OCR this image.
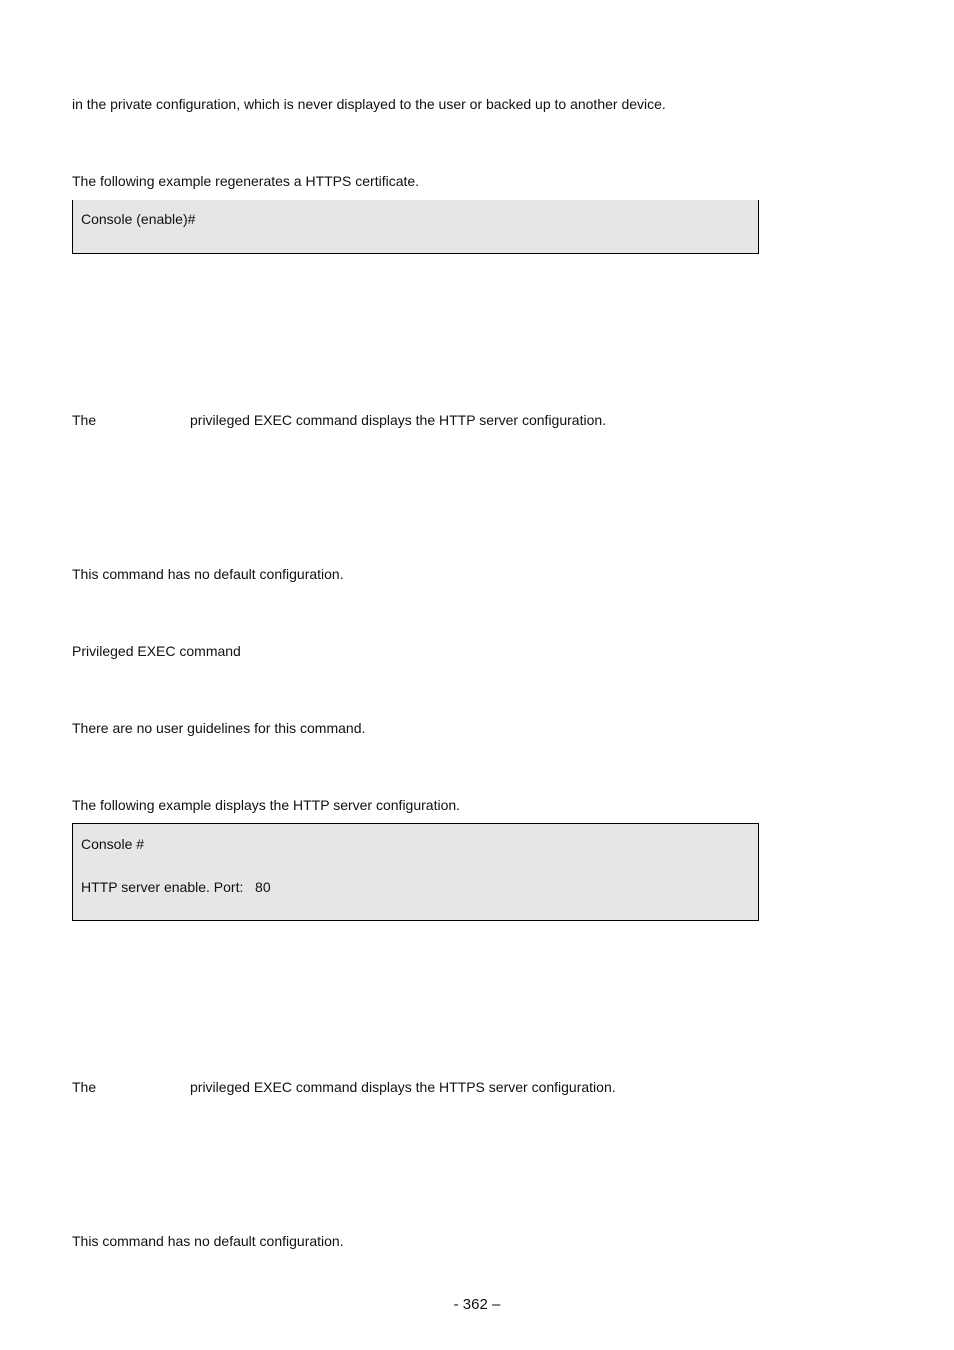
in the private configuration, which is never displayed to the user or backed up to another device.
The following example regenerates a HTTPS certificate.
Console (enable)#
The	privileged EXEC command displays the HTTP server configuration.
This command has no default configuration.
Privileged EXEC command
There are no user guidelines for this command.
The following example displays the HTTP server configuration.
Console #
HTTP server enable. Port:   80
The	privileged EXEC command displays the HTTPS server configuration.
This command has no default configuration.
- 362 –
